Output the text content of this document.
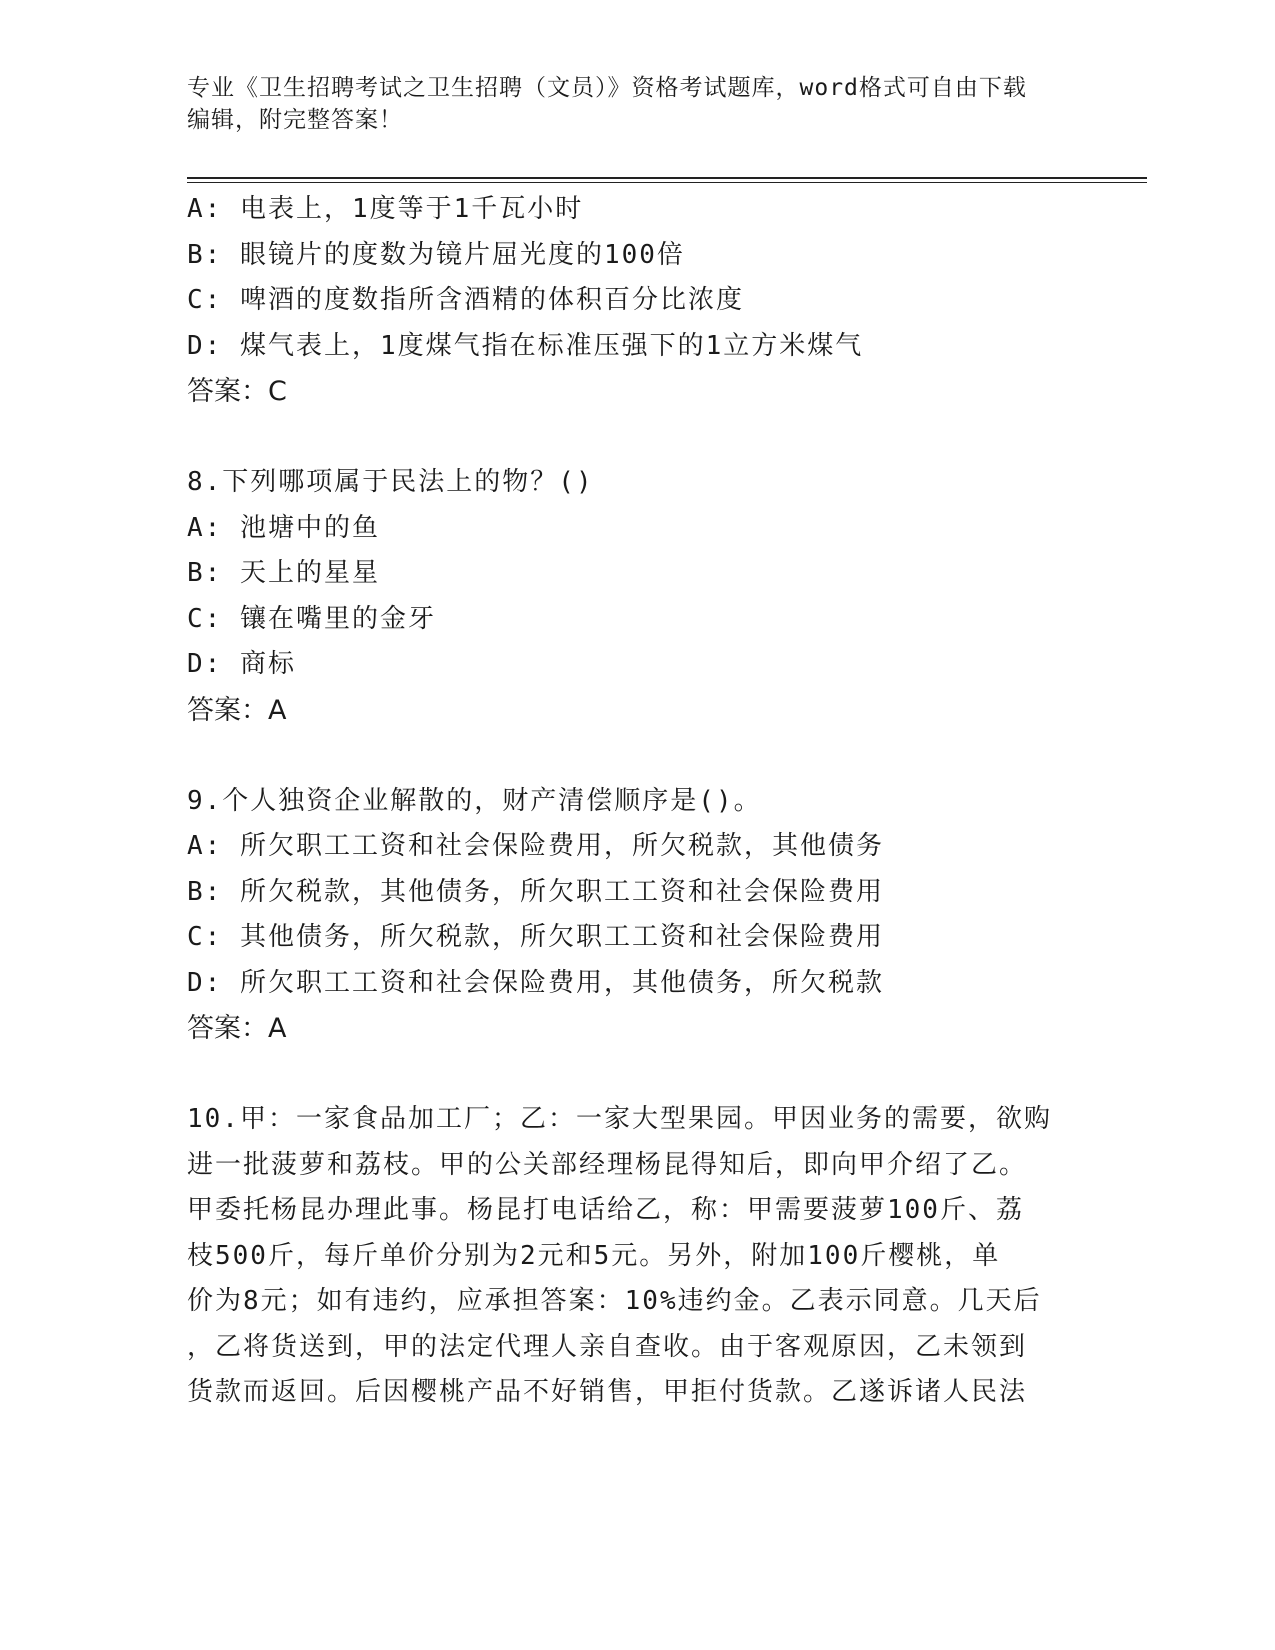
专业《卫生招聘考试之卫生招聘（文员）》资格考试题库，word格式可自由下载
编辑，附完整答案！
A: 电表上，1度等于1千瓦小时
B: 眼镜片的度数为镜片屈光度的100倍
C: 啤酒的度数指所含酒精的体积百分比浓度
D: 煤气表上，1度煤气指在标准压强下的1立方米煤气
答案：C
8.下列哪项属于民法上的物？()
A: 池塘中的鱼
B: 天上的星星
C: 镶在嘴里的金牙
D: 商标
答案：A
9.个人独资企业解散的，财产清偿顺序是()。
A: 所欠职工工资和社会保险费用，所欠税款，其他债务
B: 所欠税款，其他债务，所欠职工工资和社会保险费用
C: 其他债务，所欠税款，所欠职工工资和社会保险费用
D: 所欠职工工资和社会保险费用，其他债务，所欠税款
答案：A
10.甲：一家食品加工厂；乙：一家大型果园。甲因业务的需要，欲购
进一批菠萝和荔枝。甲的公关部经理杨昆得知后，即向甲介绍了乙。
甲委托杨昆办理此事。杨昆打电话给乙，称：甲需要菠萝100斤、荔
枝500斤，每斤单价分别为2元和5元。另外，附加100斤樱桃，单
价为8元；如有违约，应承担答案：10%违约金。乙表示同意。几天后
，乙将货送到，甲的法定代理人亲自查收。由于客观原因，乙未领到
货款而返回。后因樱桃产品不好销售，甲拒付货款。乙遂诉诸人民法
